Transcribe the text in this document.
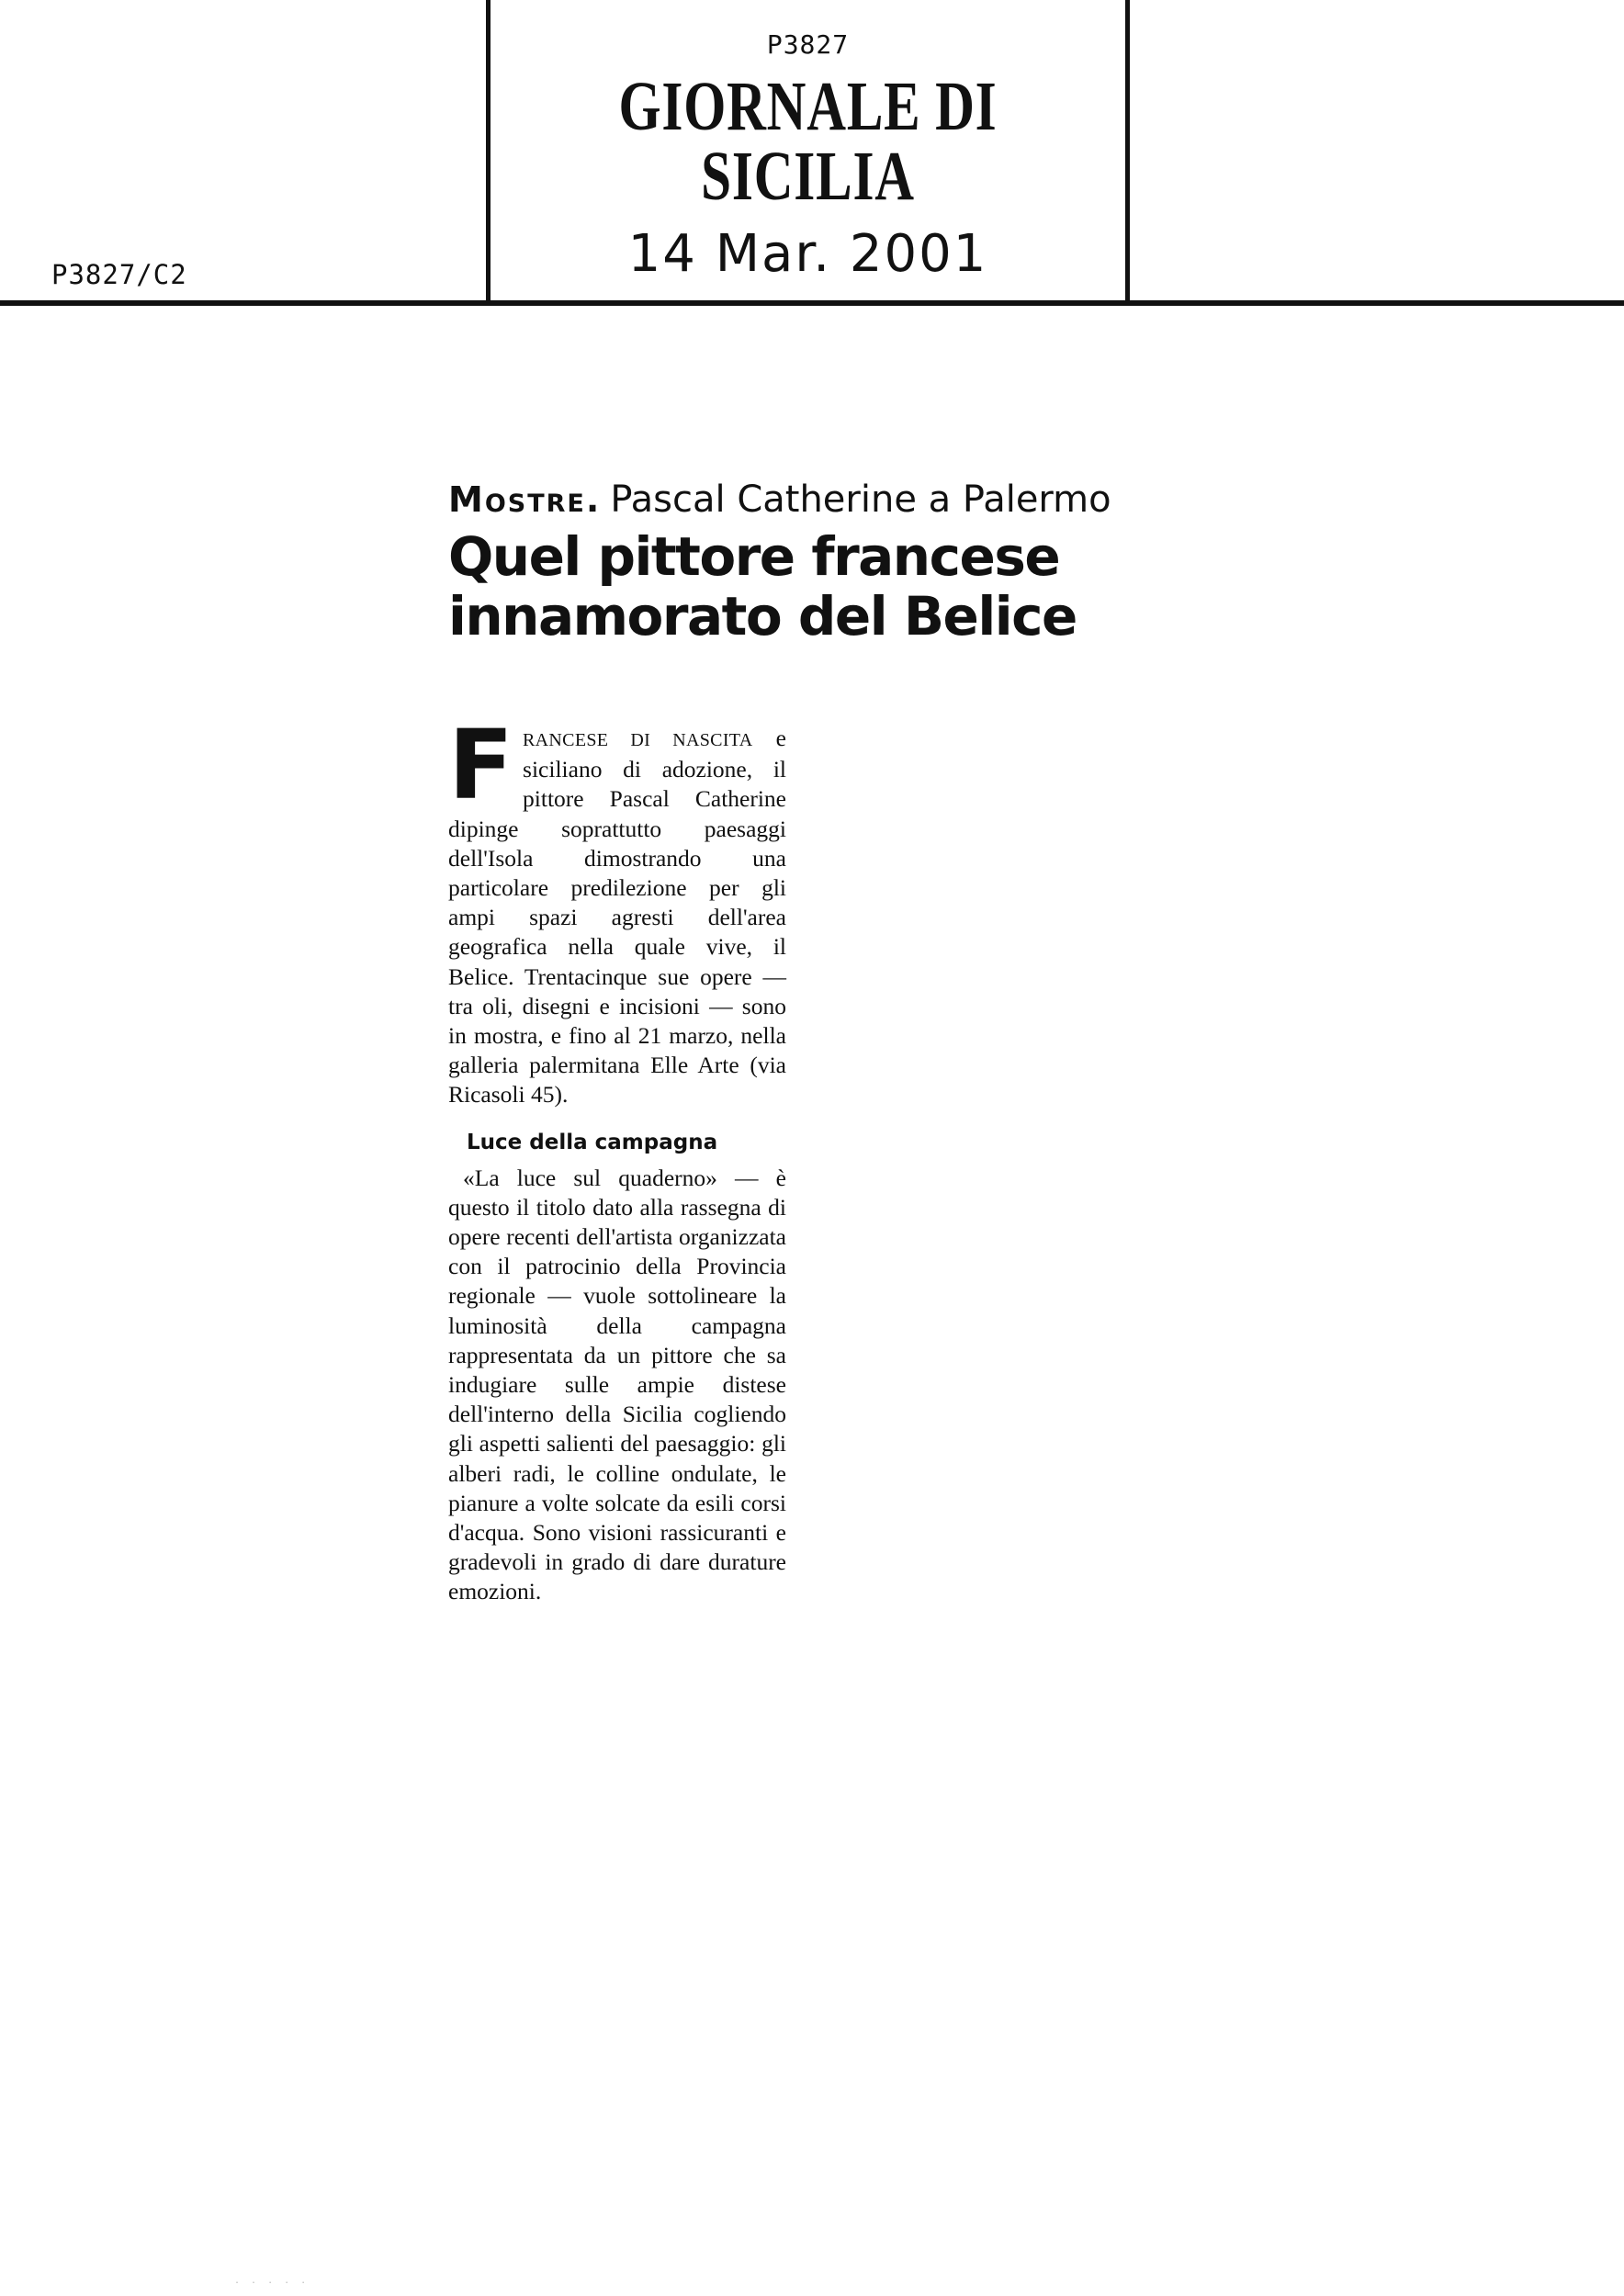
P3827
GIORNALE DI SICILIA
P3827/C2	14 Mar. 2001
Mostre. Pascal Catherine a Palermo
Quel pittore francese
innamorato del Belice

FRANCESE DI NASCITA e siciliano di adozione, il pittore Pascal Catherine dipinge soprattutto paesaggi dell'Isola dimostrando una particolare predilezione per gli ampi spazi agresti dell'area geografica nella quale vive, il Belice. Trentacinque sue opere — tra oli, disegni e incisioni — sono in mostra, e fino al 21 marzo, nella galleria palermitana Elle Arte (via Ricasoli 45).

Luce della campagna

«La luce sul quaderno» — è questo il titolo dato alla rassegna di opere recenti dell'artista organizzata con il patrocinio della Provincia regionale — vuole sottolineare la luminosità della campagna rappresentata da un pittore che sa indugiare sulle ampie distese dell'interno della Sicilia cogliendo gli aspetti salienti del paesaggio: gli alberi radi, le colline ondulate, le pianure a volte solcate da esili corsi d'acqua. Sono visioni rassicuranti e gradevoli in grado di dare durature emozioni.

. . . . .
